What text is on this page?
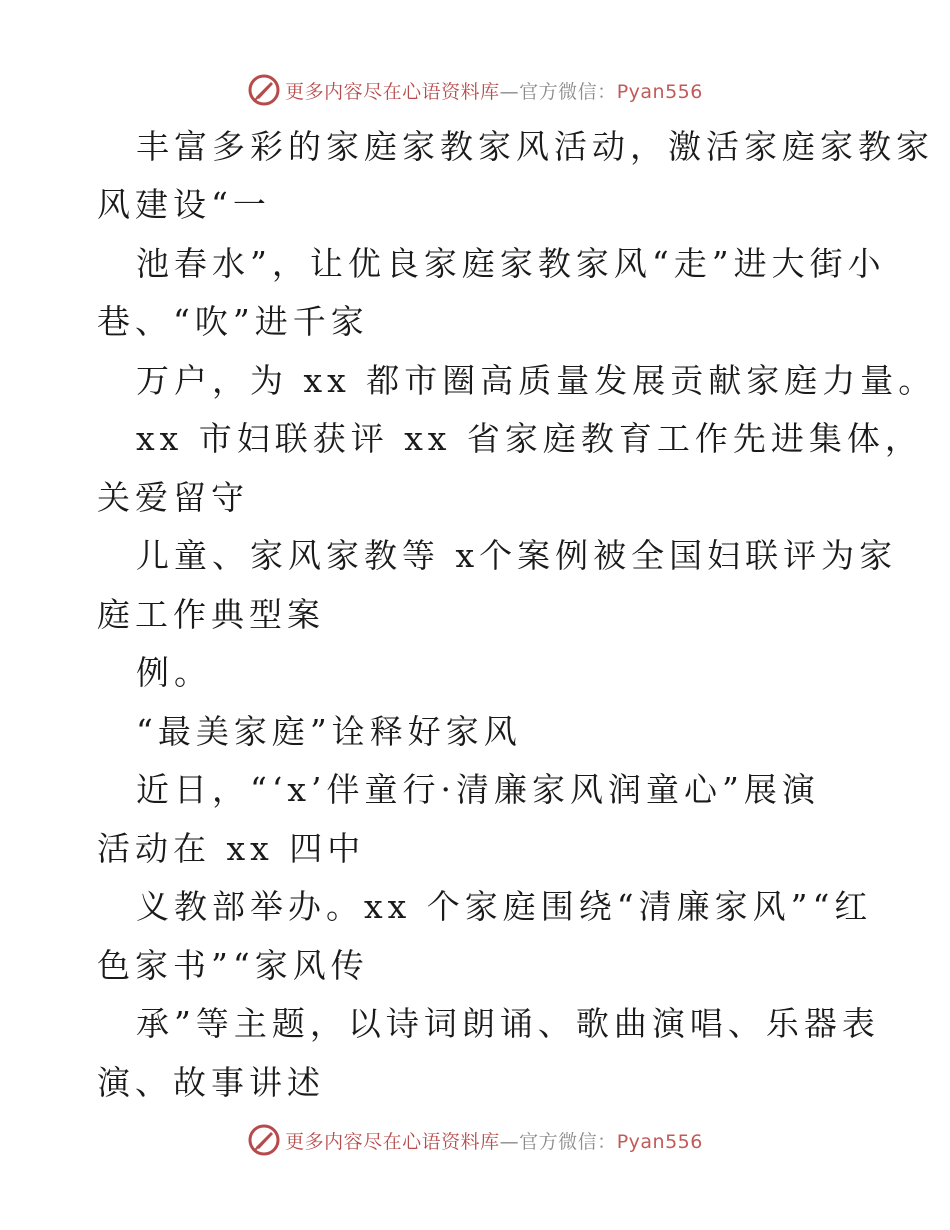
更多内容尽在心语资料库—官方微信：Pyan556
丰富多彩的家庭家教家风活动，激活家庭家教家
风建设“一
池春水”，让优良家庭家教家风“走”进大街小
巷、“吹”进千家
万户，为 xx 都市圈高质量发展贡献家庭力量。
xx 市妇联获评 xx 省家庭教育工作先进集体，
关爱留守
儿童、家风家教等 x个案例被全国妇联评为家
庭工作典型案
例。
“最美家庭”诠释好家风
近日，“‘x’伴童行·清廉家风润童心”展演
活动在 xx 四中
义教部举办。xx 个家庭围绕“清廉家风”“红
色家书”“家风传
承”等主题，以诗词朗诵、歌曲演唱、乐器表
演、故事讲述
更多内容尽在心语资料库—官方微信：Pyan556
